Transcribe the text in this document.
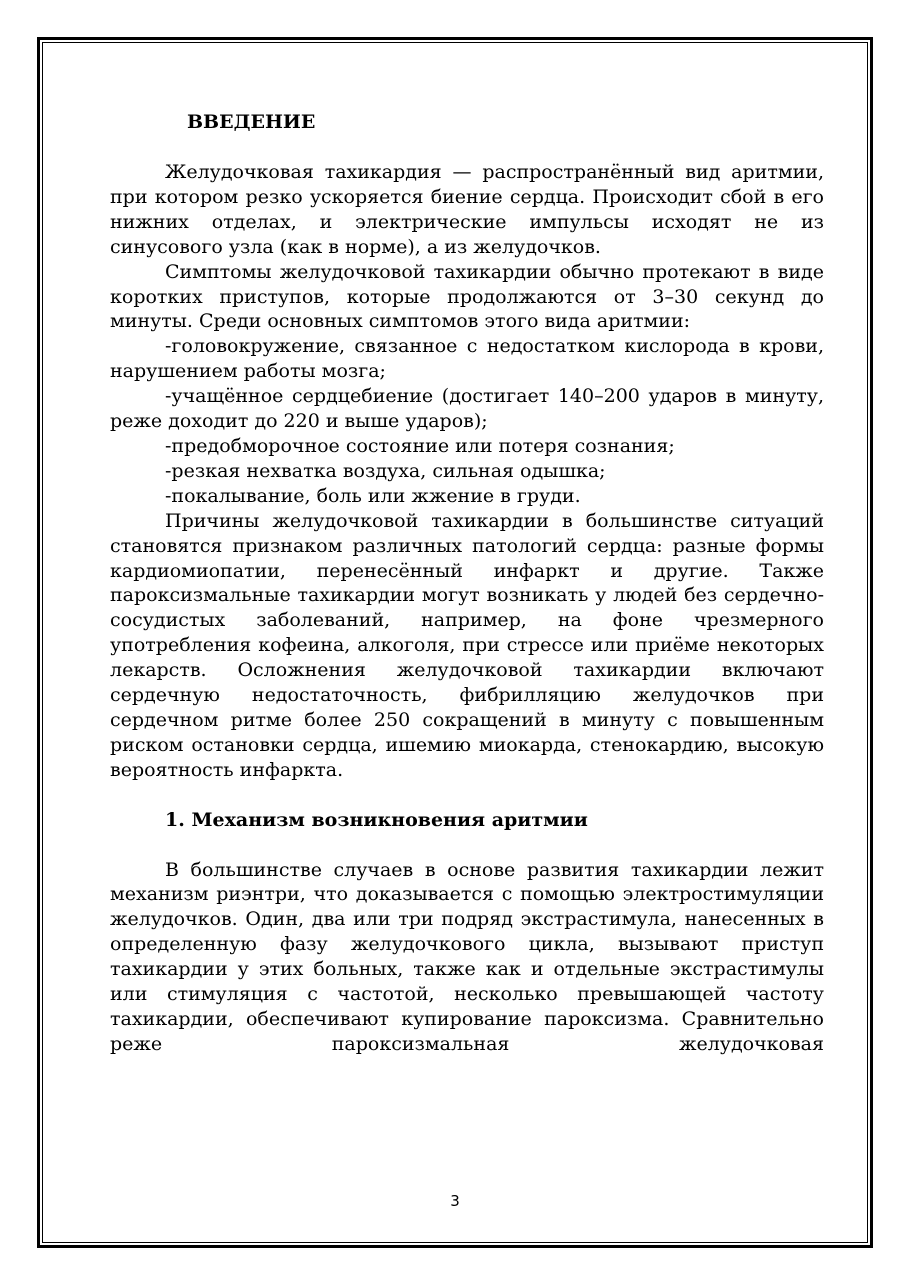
ВВЕДЕНИЕ

Желудочковая тахикардия — распространённый вид аритмии, при котором резко ускоряется биение сердца. Происходит сбой в его нижних отделах, и электрические импульсы исходят не из синусового узла (как в норме), а из желудочков.

Симптомы желудочковой тахикардии обычно протекают в виде коротких приступов, которые продолжаются от 3–30 секунд до минуты. Среди основных симптомов этого вида аритмии:

-головокружение, связанное с недостатком кислорода в крови, нарушением работы мозга;

-учащённое сердцебиение (достигает 140–200 ударов в минуту, реже доходит до 220 и выше ударов);

-предобморочное состояние или потеря сознания;

-резкая нехватка воздуха, сильная одышка;

-покалывание, боль или жжение в груди.

Причины желудочковой тахикардии в большинстве ситуаций становятся признаком различных патологий сердца: разные формы кардиомиопатии, перенесённый инфаркт и другие. Также пароксизмальные тахикардии могут возникать у людей без сердечно-сосудистых заболеваний, например, на фоне чрезмерного употребления кофеина, алкоголя, при стрессе или приёме некоторых лекарств. Осложнения желудочковой тахикардии включают сердечную недостаточность, фибрилляцию желудочков при сердечном ритме более 250 сокращений в минуту с повышенным риском остановки сердца, ишемию миокарда, стенокардию, высокую вероятность инфаркта.

1. Механизм возникновения аритмии

В большинстве случаев в основе развития тахикардии лежит механизм риэнтри, что доказывается с помощью электростимуляции желудочков. Один, два или три подряд экстрастимула, нанесенных в определенную фазу желудочкового цикла, вызывают приступ тахикардии у этих больных, также как и отдельные экстрастимулы или стимуляция с частотой, несколько превышающей частоту тахикардии, обеспечивают купирование пароксизма. Сравнительно реже пароксизмальная желудочковая

3
